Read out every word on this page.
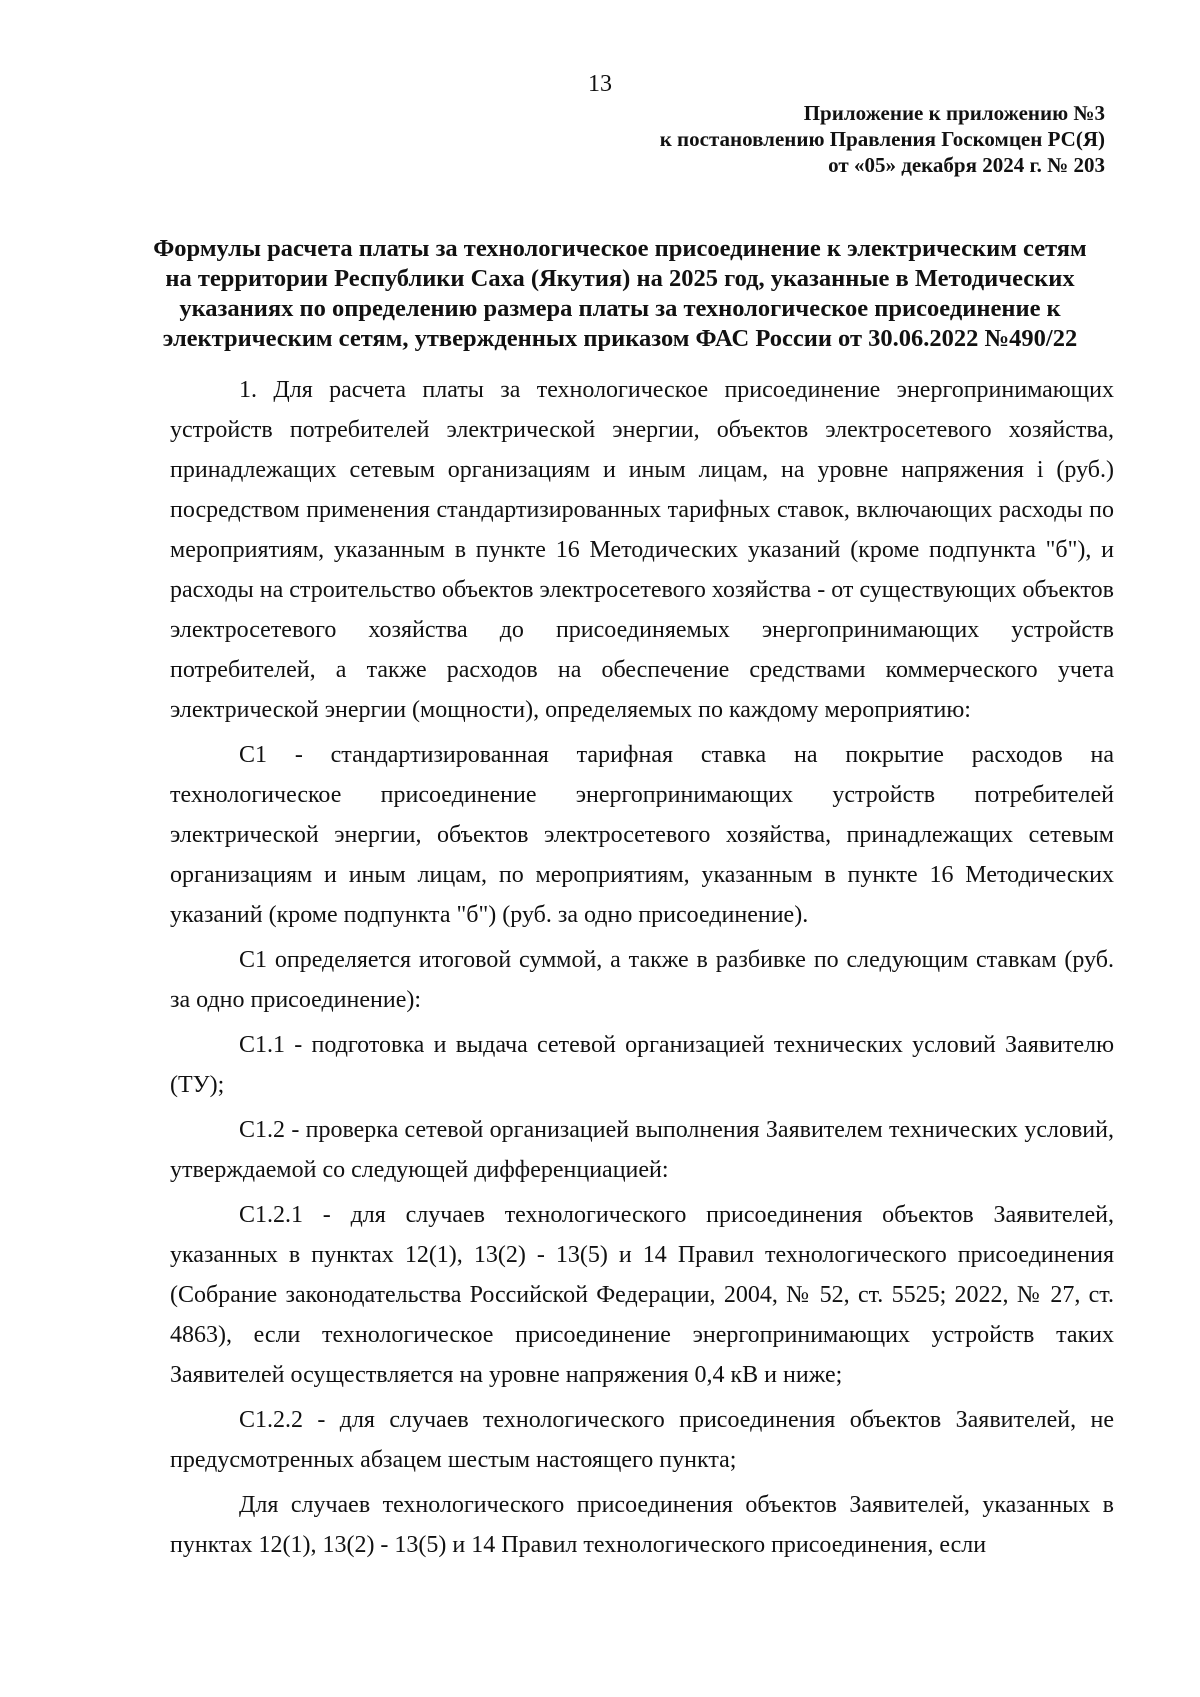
13
Приложение к приложению №3
к постановлению Правления Госкомцен РС(Я)
от «05» декабря 2024 г. № 203
Формулы расчета платы за технологическое присоединение к электрическим сетям
на территории Республики Саха (Якутия) на 2025 год, указанные в Методических
указаниях по определению размера платы за технологическое присоединение к
электрическим сетям, утвержденных приказом ФАС России от 30.06.2022 №490/22

1. Для расчета платы за технологическое присоединение энергопринимающих устройств потребителей электрической энергии, объектов электросетевого хозяйства, принадлежащих сетевым организациям и иным лицам, на уровне напряжения i (руб.) посредством применения стандартизированных тарифных ставок, включающих расходы по мероприятиям, указанным в пункте 16 Методических указаний (кроме подпункта "б"), и расходы на строительство объектов электросетевого хозяйства - от существующих объектов электросетевого хозяйства до присоединяемых энергопринимающих устройств потребителей, а также расходов на обеспечение средствами коммерческого учета электрической энергии (мощности), определяемых по каждому мероприятию:

C1 - стандартизированная тарифная ставка на покрытие расходов на технологическое присоединение энергопринимающих устройств потребителей электрической энергии, объектов электросетевого хозяйства, принадлежащих сетевым организациям и иным лицам, по мероприятиям, указанным в пункте 16 Методических указаний (кроме подпункта "б") (руб. за одно присоединение).

C1 определяется итоговой суммой, а также в разбивке по следующим ставкам (руб. за одно присоединение):

C1.1 - подготовка и выдача сетевой организацией технических условий Заявителю (ТУ);

C1.2 - проверка сетевой организацией выполнения Заявителем технических условий, утверждаемой со следующей дифференциацией:

C1.2.1 - для случаев технологического присоединения объектов Заявителей, указанных в пунктах 12(1), 13(2) - 13(5) и 14 Правил технологического присоединения (Собрание законодательства Российской Федерации, 2004, № 52, ст. 5525; 2022, № 27, ст. 4863), если технологическое присоединение энергопринимающих устройств таких Заявителей осуществляется на уровне напряжения 0,4 кВ и ниже;

C1.2.2 - для случаев технологического присоединения объектов Заявителей, не предусмотренных абзацем шестым настоящего пункта;

Для случаев технологического присоединения объектов Заявителей, указанных в пунктах 12(1), 13(2) - 13(5) и 14 Правил технологического присоединения, если
